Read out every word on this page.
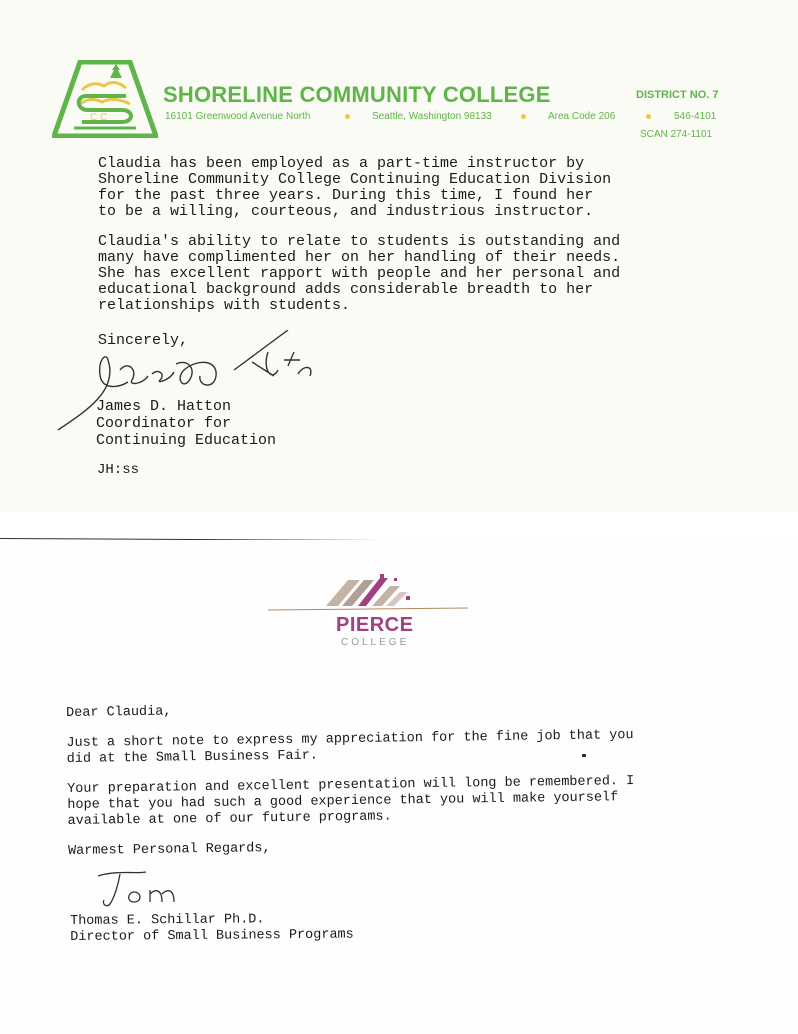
C C
SHORELINE COMMUNITY COLLEGE	DISTRICT NO. 7
16101 Greenwood Avenue North	Seattle, Washington 98133	Area Code 206	546-4101
SCAN 274-1101

Claudia has been employed as a part-time instructor by
Shoreline Community College Continuing Education Division
for the past three years. During this time, I found her
to be a willing, courteous, and industrious instructor.

Claudia's ability to relate to students is outstanding and
many have complimented her on her handling of their needs.
She has excellent rapport with people and her personal and
educational background adds considerable breadth to her
relationships with students.

Sincerely,
James D. Hatton
Coordinator for
Continuing Education
JH:ss
PIERCE
COLLEGE

Dear Claudia,

Just a short note to express my appreciation for the fine job that you
did at the Small Business Fair.

Your preparation and excellent presentation will long be remembered. I
hope that you had such a good experience that you will make yourself
available at one of our future programs.

Warmest Personal Regards,

Thomas E. Schillar Ph.D.
Director of Small Business Programs
